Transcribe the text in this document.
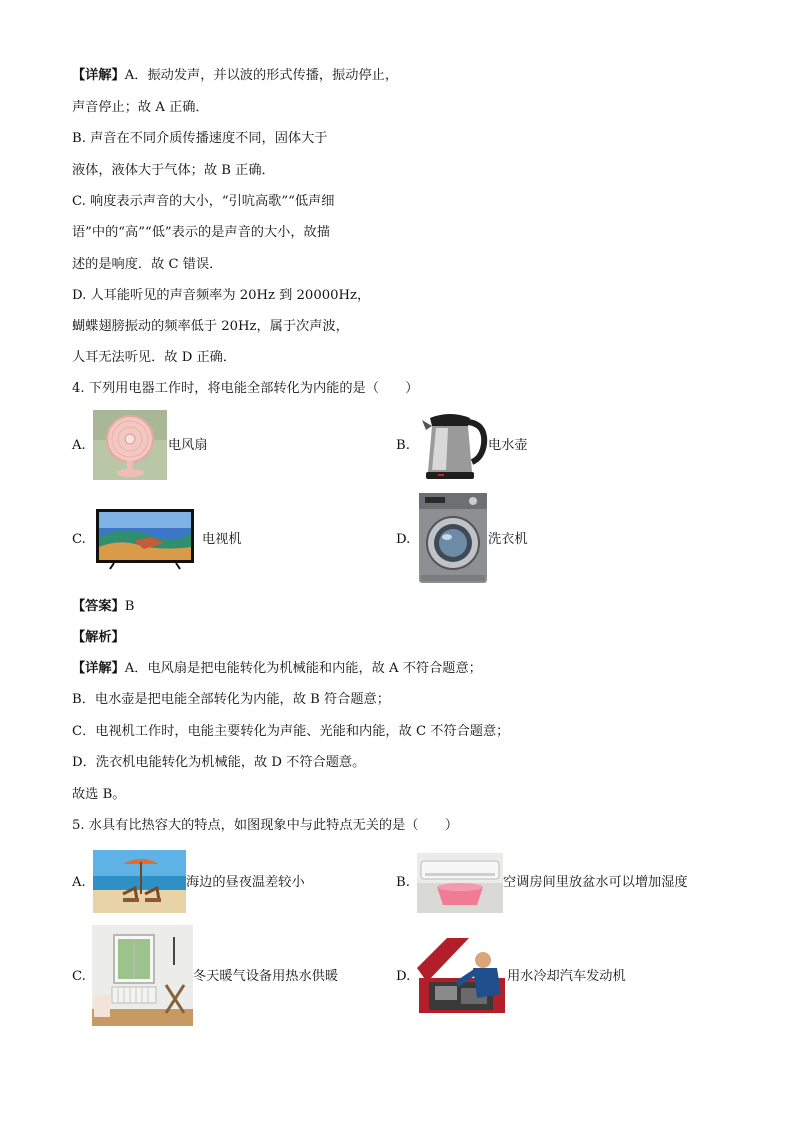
【详解】A．振动发声，并以波的形式传播，振动停止，
声音停止；故 A 正确．
B. 声音在不同介质传播速度不同，固体大于
液体，液体大于气体；故 B 正确．
C. 响度表示声音的大小，“引吭高歌”“低声细
语”中的“高”“低”表示的是声音的大小，故描
述的是响度．故 C 错误．
D. 人耳能听见的声音频率为 20Hz 到 20000Hz，
蝴蝶翅膀振动的频率低于 20Hz，属于次声波，
人耳无法听见．故 D 正确．
4. 下列用电器工作时，将电能全部转化为内能的是（　　）
A.	电风扇	B.	电水壶
C.	电视机	D.	洗衣机
【答案】B
【解析】
【详解】A．电风扇是把电能转化为机械能和内能，故 A 不符合题意；
B．电水壶是把电能全部转化为内能，故 B 符合题意；
C．电视机工作时，电能主要转化为声能、光能和内能，故 C 不符合题意；
D．洗衣机电能转化为机械能，故 D 不符合题意。
故选 B。
5. 水具有比热容大的特点，如图现象中与此特点无关的是（　　）
A.	海边的昼夜温差较小	B.	空调房间里放盆水可以增加湿度
C.	冬天暖气设备用热水供暖	D.	用水冷却汽车发动机
